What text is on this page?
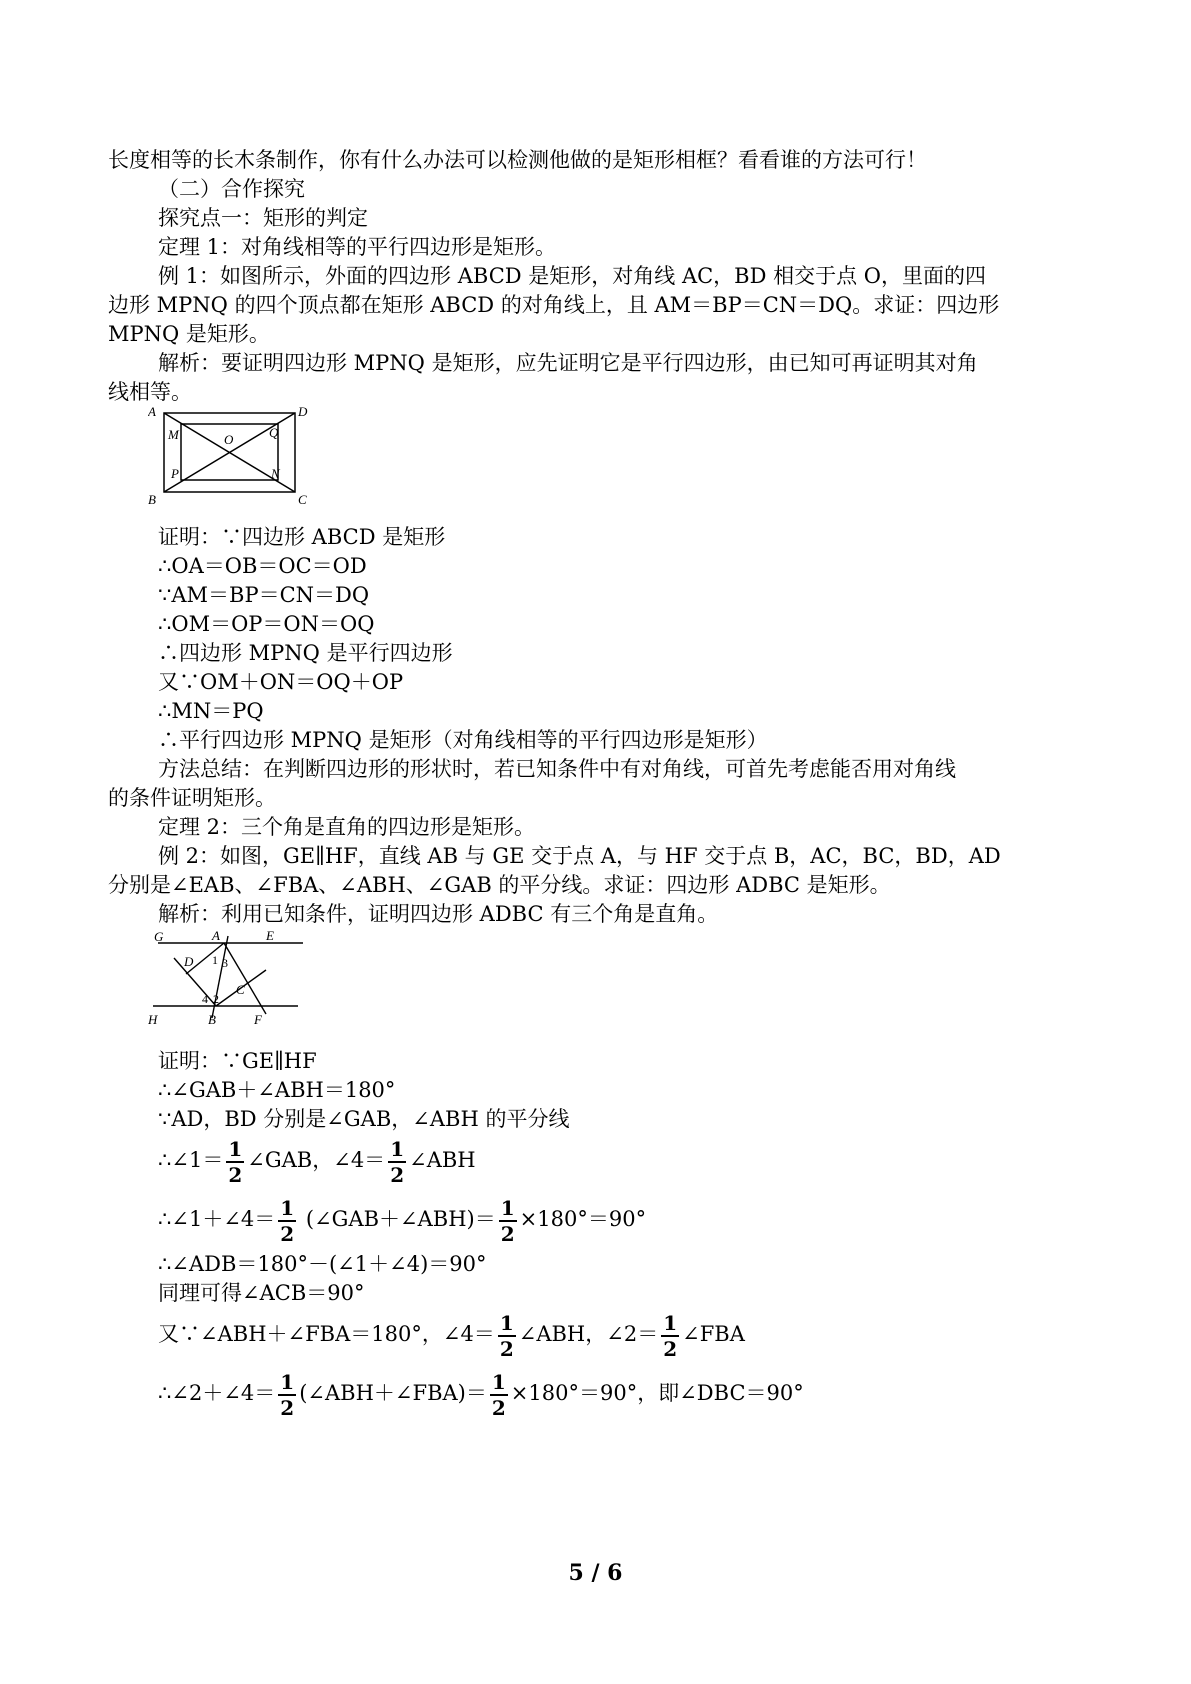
长度相等的长木条制作，你有什么办法可以检测他做的是矩形相框？看看谁的方法可行！
（二）合作探究
探究点一：矩形的判定
定理 1：对角线相等的平行四边形是矩形。
例 1：如图所示，外面的四边形 ABCD 是矩形，对角线 AC，BD 相交于点 O，里面的四
边形 MPNQ 的四个顶点都在矩形 ABCD 的对角线上，且 AM＝BP＝CN＝DQ。求证：四边形
MPNQ 是矩形。
解析：要证明四边形 MPNQ 是矩形，应先证明它是平行四边形，由已知可再证明其对角
线相等。
A	D
B	C
M	Q
O
P	N
证明：∵四边形 ABCD 是矩形
∴OA＝OB＝OC＝OD
∵AM＝BP＝CN＝DQ
∴OM＝OP＝ON＝OQ
∴四边形 MPNQ 是平行四边形
又∵OM＋ON＝OQ＋OP
∴MN＝PQ
∴平行四边形 MPNQ 是矩形（对角线相等的平行四边形是矩形）
方法总结：在判断四边形的形状时，若已知条件中有对角线，可首先考虑能否用对角线
的条件证明矩形。
定理 2：三个角是直角的四边形是矩形。
例 2：如图，GE∥HF，直线 AB 与 GE 交于点 A，与 HF 交于点 B，AC，BC，BD，AD
分别是∠EAB、∠FBA、∠ABH、∠GAB 的平分线。求证：四边形 ADBC 是矩形。
解析：利用已知条件，证明四边形 ADBC 有三个角是直角。
G	A	E
D
C
H	B	F
1 3
4 2
证明：∵GE∥HF
∴∠GAB＋∠ABH＝180°
∵AD，BD 分别是∠GAB，∠ABH 的平分线
∴∠1＝ $\frac{1}{2}$ ∠GAB，∠4＝ $\frac{1}{2}$ ∠ABH
∴∠1＋∠4＝ $\frac{1}{2}$ (∠GAB＋∠ABH)＝ $\frac{1}{2} \times 180^\circ=90^\circ$
∴∠ADB＝180°－(∠1＋∠4)＝90°
同理可得∠ACB＝90°
又∵∠ABH＋∠FBA＝180°，∠4＝ $\frac{1}{2}$ ∠ABH，∠2＝ $\frac{1}{2}$ ∠FBA
∴∠2＋∠4＝ $\frac{1}{2}$ (∠ABH＋∠FBA)＝ $\frac{1}{2} \times 180^\circ=90^\circ$，即∠DBC＝90°
5 / 6
